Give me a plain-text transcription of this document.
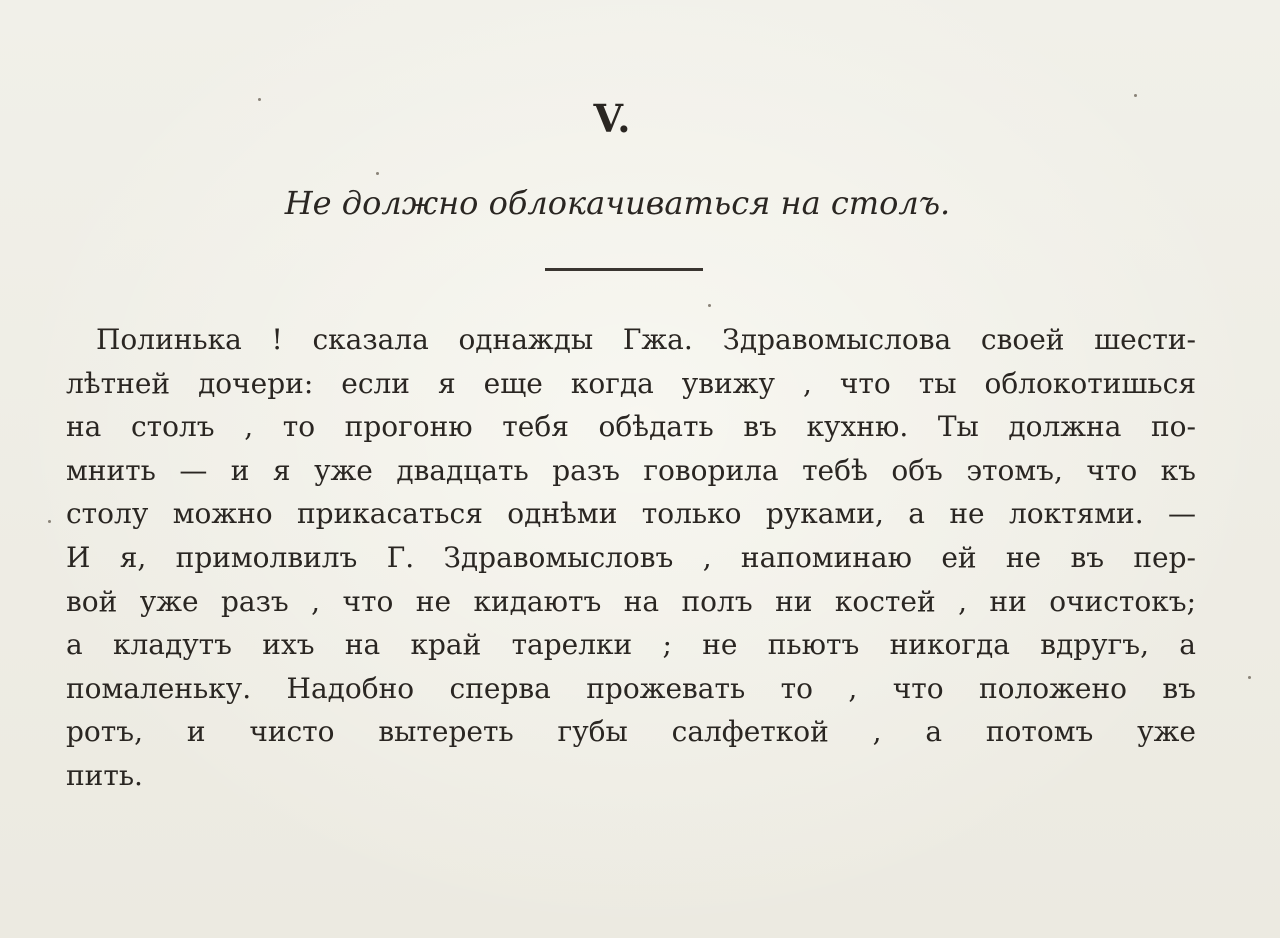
V.
Не должно облокачиваться на столъ.
Полинька ! сказала однажды Гжа. Здравомыслова своей шести-
лѣтней дочери: если я еще когда увижу , что ты облокотишься
на столъ , то прогоню тебя обѣдать въ кухню. Ты должна по-
мнить — и я уже двадцать разъ говорила тебѣ объ этомъ, что къ
столу можно прикасаться однѣми только руками, а не локтями. —
И я, примолвилъ Г. Здравомысловъ , напоминаю ей не въ пер-
вой уже разъ , что не кидаютъ на полъ ни костей , ни очистокъ;
а кладутъ ихъ на край тарелки ; не пьютъ никогда вдругъ, а
помаленьку. Надобно сперва прожевать то , что положено въ
ротъ, и чисто вытереть губы салфеткой , а потомъ уже
пить.
